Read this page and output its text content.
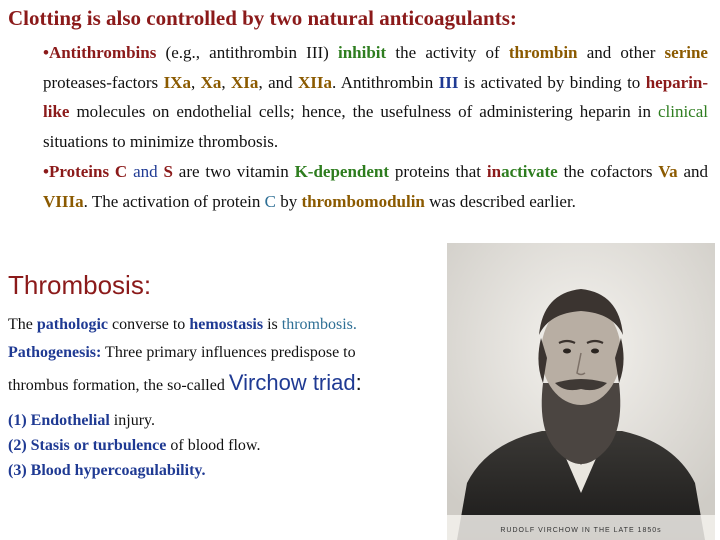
Clotting is also controlled by two natural anticoagulants:
•Antithrombins (e.g., antithrombin III) inhibit the activity of thrombin and other serine proteases-factors IXa, Xa, XIa, and XIIa. Antithrombin III is activated by binding to heparin-like molecules on endothelial cells; hence, the usefulness of administering heparin in clinical situations to minimize thrombosis.
•Proteins C and S are two vitamin K-dependent proteins that inactivate the cofactors Va and VIIIa. The activation of protein C by thrombomodulin was described earlier.
Thrombosis:
The pathologic converse to hemostasis is thrombosis.
Pathogenesis: Three primary influences predispose to
thrombus formation, the so-called Virchow triad:
(1) Endothelial injury.
(2) Stasis or turbulence of blood flow.
(3) Blood hypercoagulability.
RUDOLF VIRCHOW IN THE LATE 1850s
